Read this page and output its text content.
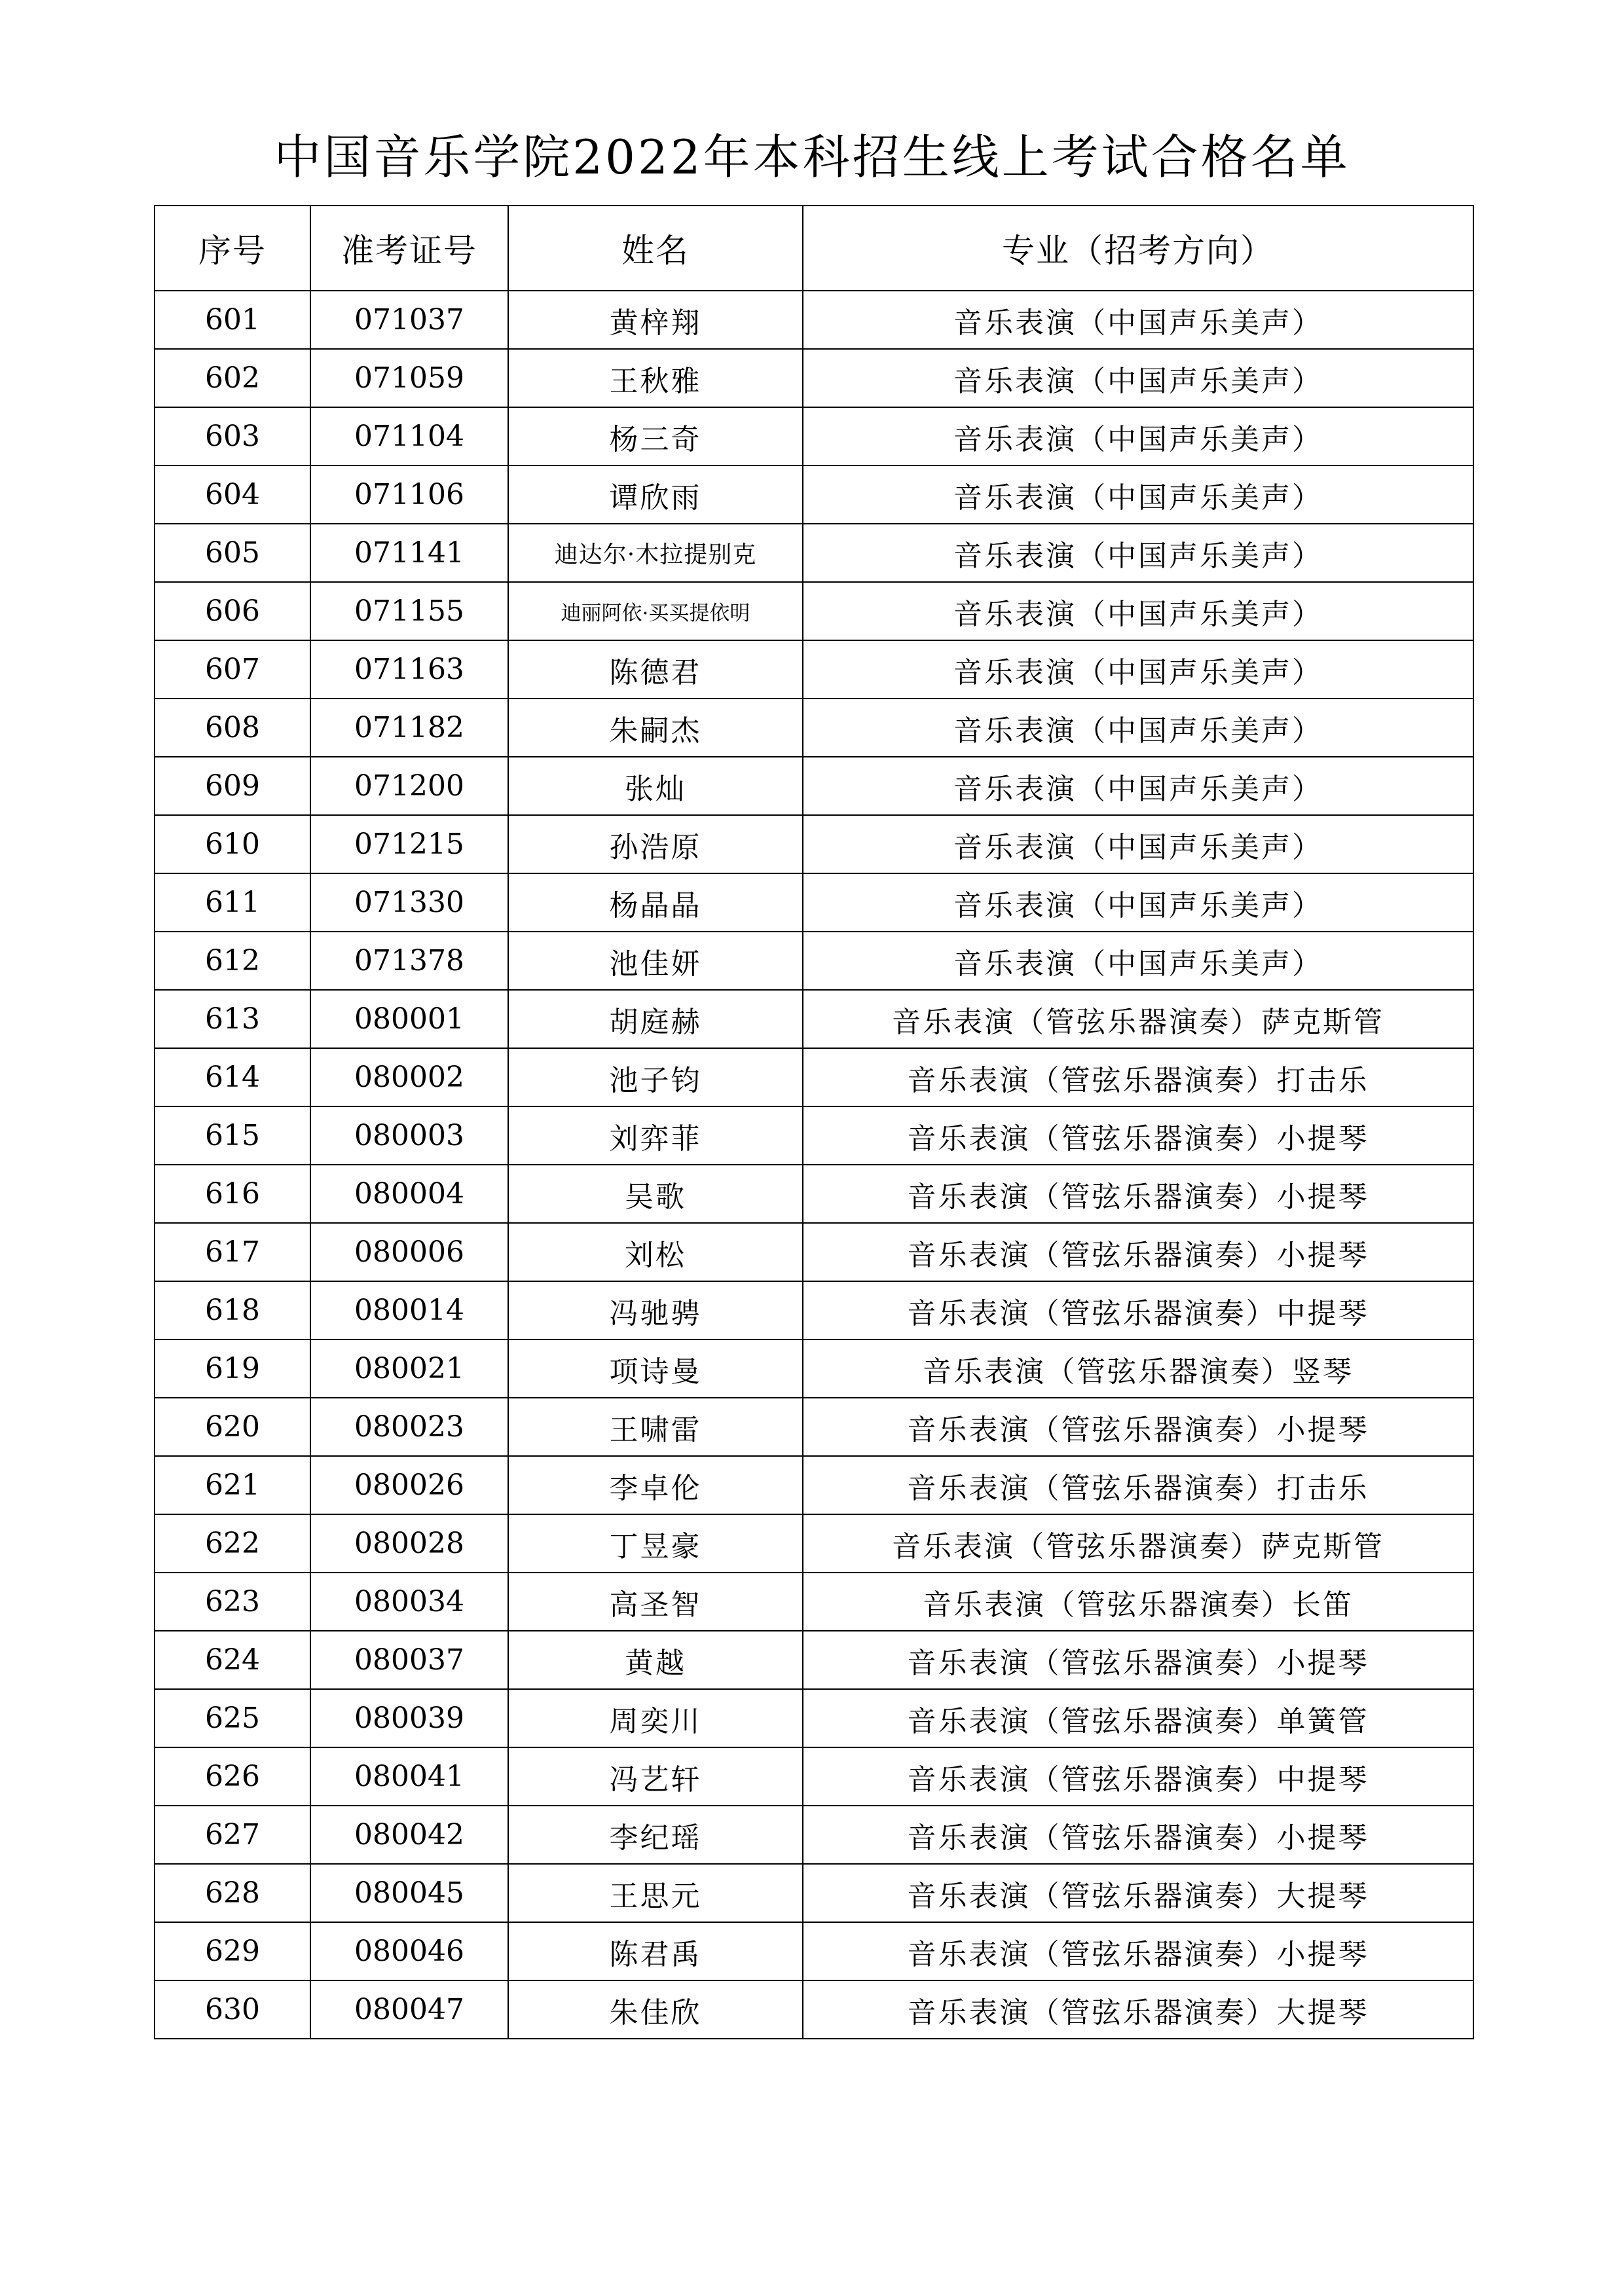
中国音乐学院2022年本科招生线上考试合格名单
序号	准考证号	姓名	专业（招考方向）
601	071037	黄梓翔	音乐表演（中国声乐美声）
602	071059	王秋雅	音乐表演（中国声乐美声）
603	071104	杨三奇	音乐表演（中国声乐美声）
604	071106	谭欣雨	音乐表演（中国声乐美声）
605	071141	迪达尔·木拉提别克	音乐表演（中国声乐美声）
606	071155	迪丽阿依·买买提依明	音乐表演（中国声乐美声）
607	071163	陈德君	音乐表演（中国声乐美声）
608	071182	朱嗣杰	音乐表演（中国声乐美声）
609	071200	张灿	音乐表演（中国声乐美声）
610	071215	孙浩原	音乐表演（中国声乐美声）
611	071330	杨晶晶	音乐表演（中国声乐美声）
612	071378	池佳妍	音乐表演（中国声乐美声）
613	080001	胡庭赫	音乐表演（管弦乐器演奏）萨克斯管
614	080002	池子钧	音乐表演（管弦乐器演奏）打击乐
615	080003	刘弈菲	音乐表演（管弦乐器演奏）小提琴
616	080004	吴歌	音乐表演（管弦乐器演奏）小提琴
617	080006	刘松	音乐表演（管弦乐器演奏）小提琴
618	080014	冯驰骋	音乐表演（管弦乐器演奏）中提琴
619	080021	项诗曼	音乐表演（管弦乐器演奏）竖琴
620	080023	王啸雷	音乐表演（管弦乐器演奏）小提琴
621	080026	李卓伦	音乐表演（管弦乐器演奏）打击乐
622	080028	丁昱豪	音乐表演（管弦乐器演奏）萨克斯管
623	080034	高圣智	音乐表演（管弦乐器演奏）长笛
624	080037	黄越	音乐表演（管弦乐器演奏）小提琴
625	080039	周奕川	音乐表演（管弦乐器演奏）单簧管
626	080041	冯艺轩	音乐表演（管弦乐器演奏）中提琴
627	080042	李纪瑶	音乐表演（管弦乐器演奏）小提琴
628	080045	王思元	音乐表演（管弦乐器演奏）大提琴
629	080046	陈君禹	音乐表演（管弦乐器演奏）小提琴
630	080047	朱佳欣	音乐表演（管弦乐器演奏）大提琴
